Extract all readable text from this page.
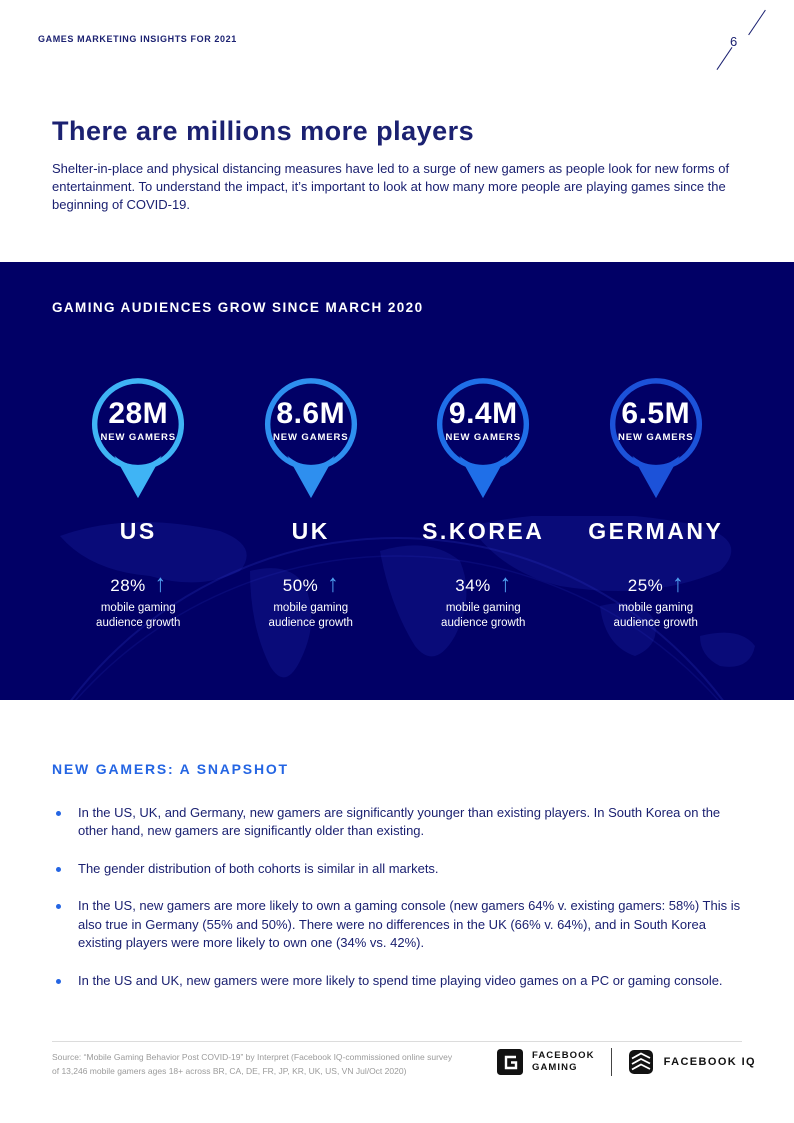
GAMES MARKETING INSIGHTS FOR 2021	6
There are millions more players

Shelter-in-place and physical distancing measures have led to a surge of new gamers as people look for new forms of entertainment. To understand the impact, it’s important to look at how many more people are playing games since the beginning of COVID-19.

GAMING AUDIENCES GROW SINCE MARCH 2020
28M
NEW GAMERS
US
28% ↑
mobile gaming
audience growth
8.6M
NEW GAMERS
UK
50% ↑
mobile gaming
audience growth
9.4M
NEW GAMERS
S.KOREA
34% ↑
mobile gaming
audience growth
6.5M
NEW GAMERS
GERMANY
25% ↑
mobile gaming
audience growth
NEW GAMERS: A SNAPSHOT
In the US, UK, and Germany, new gamers are significantly younger than existing players. In South Korea on the other hand, new gamers are significantly older than existing.
The gender distribution of both cohorts is similar in all markets.
In the US, new gamers are more likely to own a gaming console (new gamers 64% v. existing gamers: 58%) This is also true in Germany (55% and 50%). There were no differences in the UK (66% v. 64%), and in South Korea existing players were more likely to own one (34% vs. 42%).
In the US and UK, new gamers were more likely to spend time playing video games on a PC or gaming console.
Source: “Mobile Gaming Behavior Post COVID-19” by Interpret (Facebook IQ-commissioned online survey of 13,246 mobile gamers ages 18+ across BR, CA, DE, FR, JP, KR, UK, US, VN Jul/Oct 2020)
FACEBOOK
GAMING	FACEBOOK IQ
